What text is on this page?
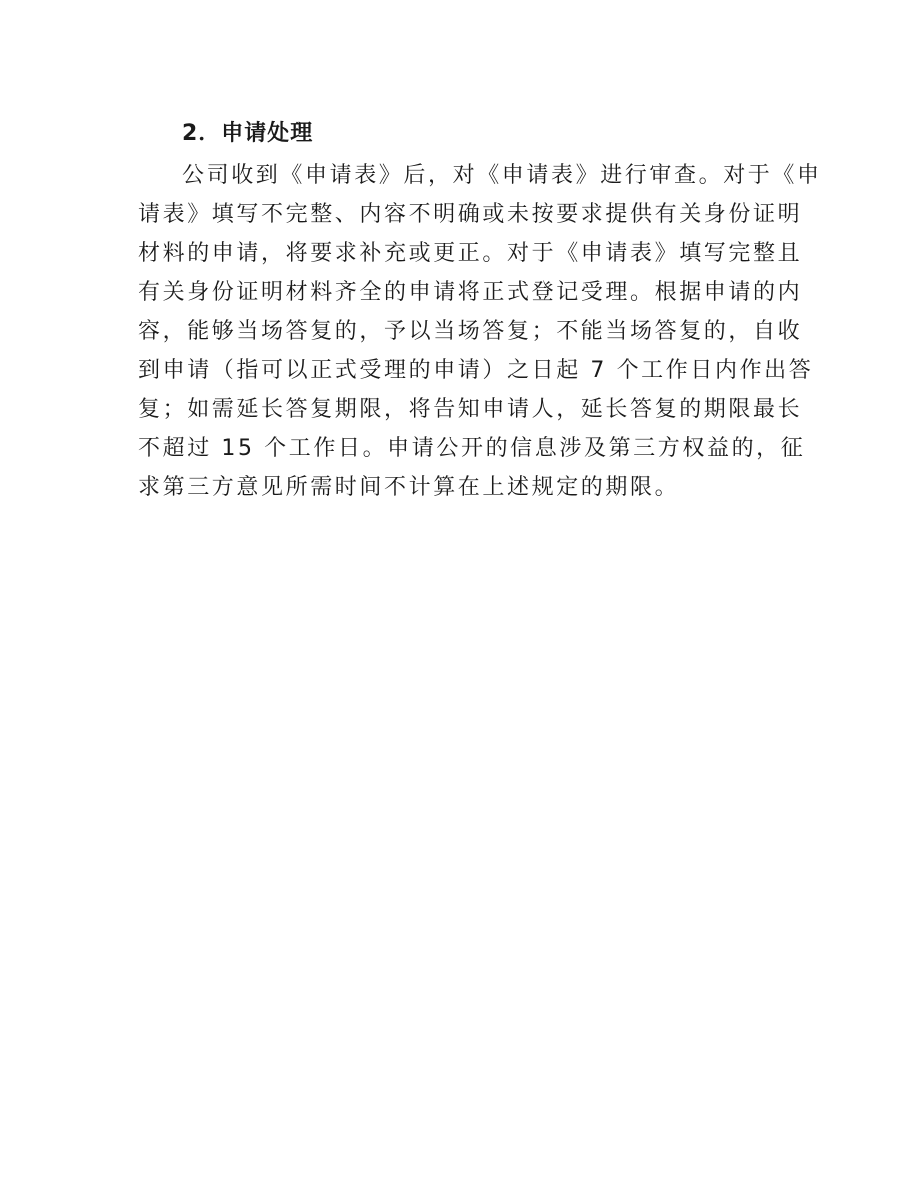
2．申请处理
公司收到《申请表》后，对《申请表》进行审查。对于《申
请表》填写不完整、内容不明确或未按要求提供有关身份证明
材料的申请，将要求补充或更正。对于《申请表》填写完整且
有关身份证明材料齐全的申请将正式登记受理。根据申请的内
容，能够当场答复的，予以当场答复；不能当场答复的，自收
到申请（指可以正式受理的申请）之日起 7 个工作日内作出答
复；如需延长答复期限，将告知申请人，延长答复的期限最长
不超过 15 个工作日。申请公开的信息涉及第三方权益的，征
求第三方意见所需时间不计算在上述规定的期限。
